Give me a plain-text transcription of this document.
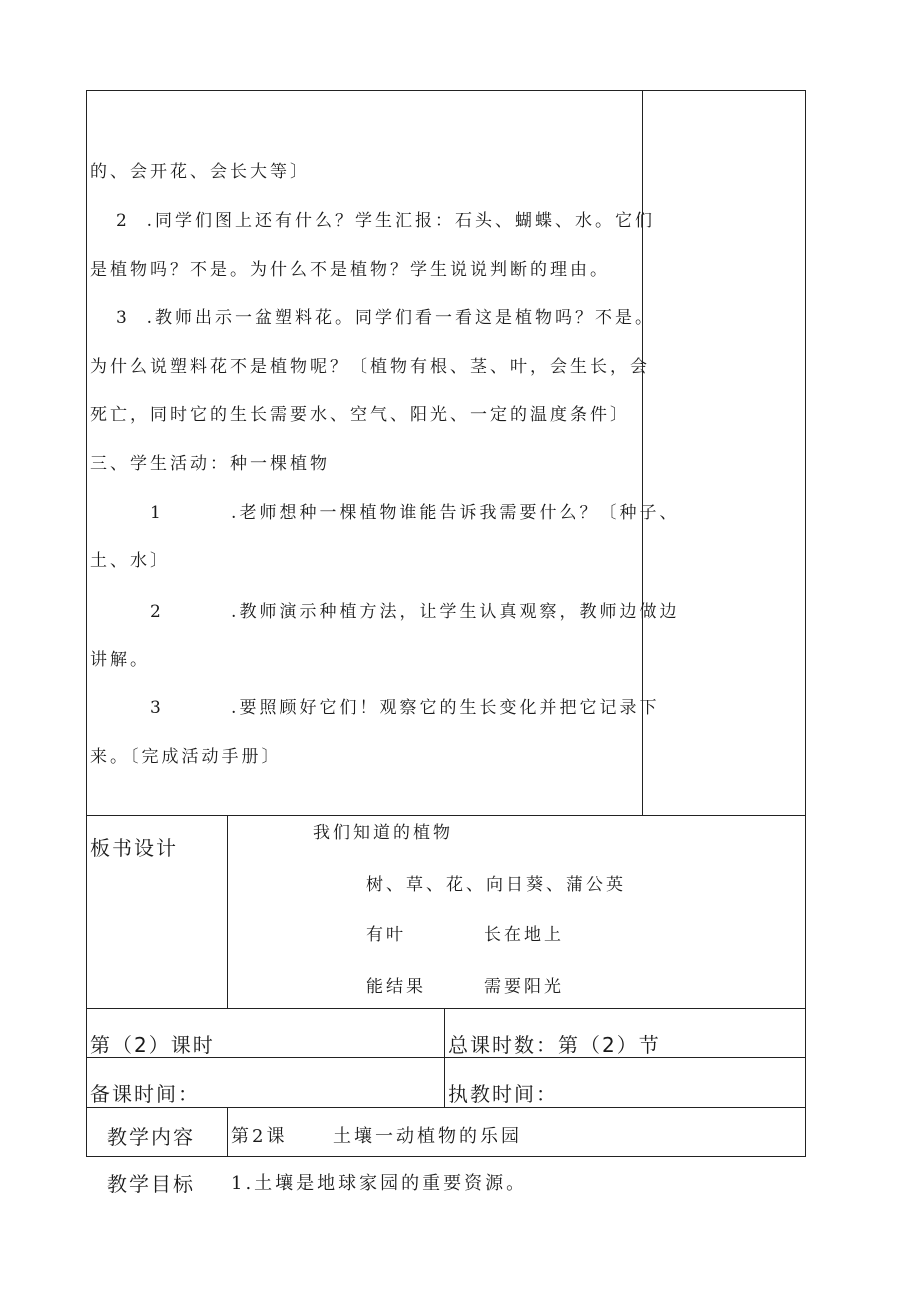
的、会开花、会长大等〕
2  .同学们图上还有什么？学生汇报：石头、蝴蝶、水。它们
是植物吗？不是。为什么不是植物？学生说说判断的理由。
3  .教师出示一盆塑料花。同学们看一看这是植物吗？不是。
为什么说塑料花不是植物呢？〔植物有根、茎、叶，会生长，会
死亡，同时它的生长需要水、空气、阳光、一定的温度条件〕
三、学生活动：种一棵植物
1        .老师想种一棵植物谁能告诉我需要什么？〔种子、
土、水〕
2        .教师演示种植方法，让学生认真观察，教师边做边
讲解。
3        .要照顾好它们！观察它的生长变化并把它记录下
来。〔完成活动手册〕
板书设计
我们知道的植物
树、草、花、向日葵、蒲公英
有叶	长在地上
能结果	需要阳光
第（2）课时	总课时数：第（2）节
备课时间：	执教时间：
教学内容 第2课	土壤一动植物的乐园
教学目标 1.土壤是地球家园的重要资源。
